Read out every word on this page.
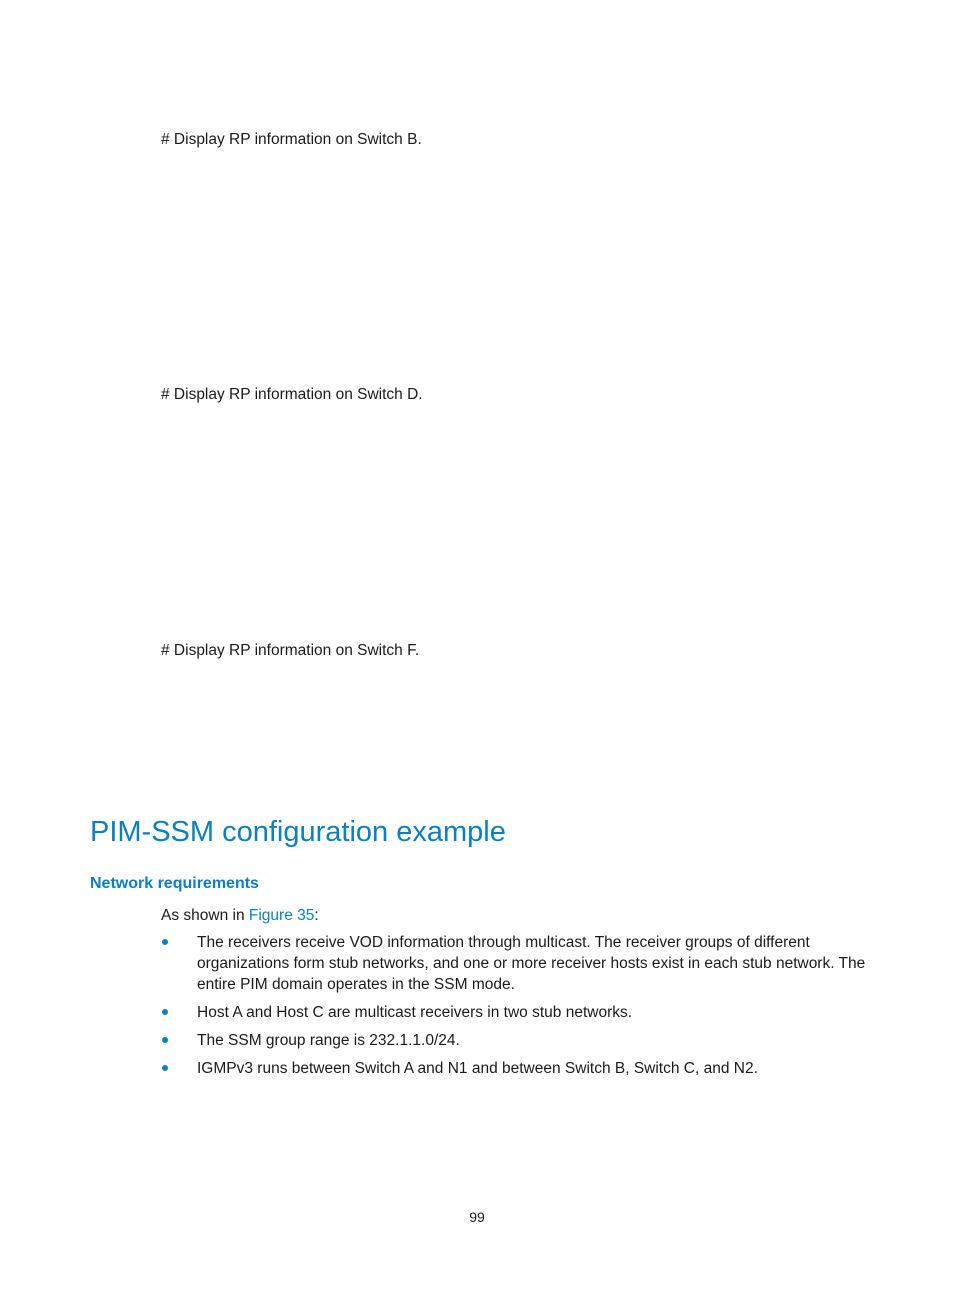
# Display RP information on Switch B.
# Display RP information on Switch D.
# Display RP information on Switch F.
PIM-SSM configuration example
Network requirements
As shown in Figure 35:
The receivers receive VOD information through multicast. The receiver groups of different organizations form stub networks, and one or more receiver hosts exist in each stub network. The entire PIM domain operates in the SSM mode.
Host A and Host C are multicast receivers in two stub networks.
The SSM group range is 232.1.1.0/24.
IGMPv3 runs between Switch A and N1 and between Switch B, Switch C, and N2.
99
